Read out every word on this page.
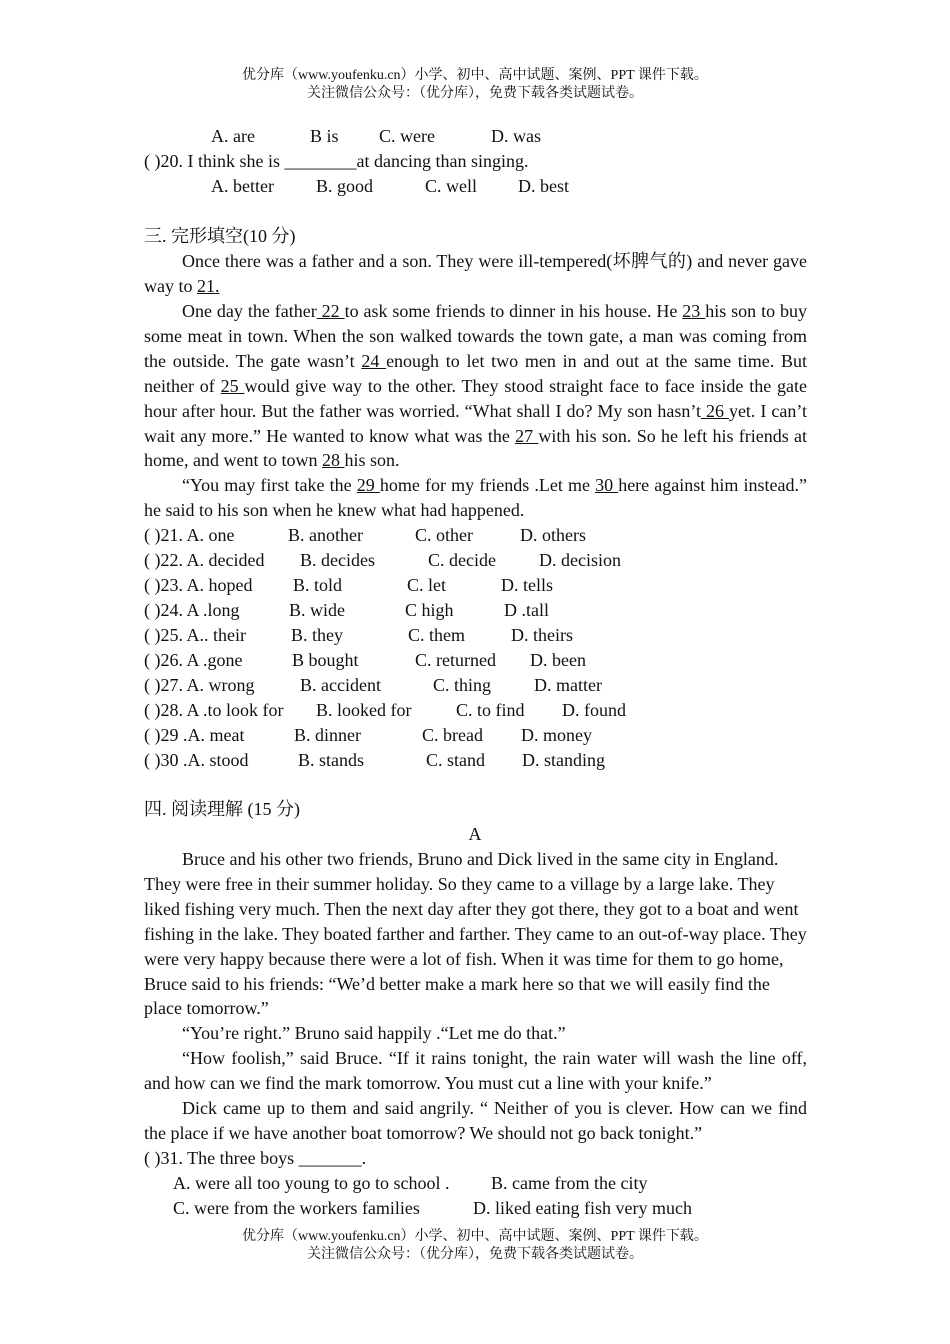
优分库（www.youfenku.cn）小学、初中、高中试题、案例、PPT 课件下载。
关注微信公众号：（优分库），免费下载各类试题试卷。
A. are	B is C. were	D. was
( )20. I think she is ________at dancing than singing.
A. better B. good	C. well D. best
三. 完形填空(10 分)
Once there was a father and a son. They were ill-tempered(坏脾气的) and never gave way to 21.
One day the father 22 to ask some friends to dinner in his house. He 23 his son to buy some meat in town. When the son walked towards the town gate, a man was coming from the outside. The gate wasn’t 24 enough to let two men in and out at the same time. But neither of 25 would give way to the other. They stood straight face to face inside the gate hour after hour. But the father was worried. “What shall I do? My son hasn’t 26 yet. I can’t wait any more.” He wanted to know what was the 27 with his son. So he left his friends at home, and went to town 28 his son.
“You may first take the 29 home for my friends .Let me 30 here against him instead.” he said to his son when he knew what had happened.
( )21. A. one	B. another	C. other	D. others
( )22. A. decided B. decides	C. decide D. decision
( )23. A. hoped B. told	C. let	D. tells
( )24. A .long	B. wide	C high	D .tall
( )25. A.. their	B. they	C. them	D. theirs
( )26. A .gone	B bought	C. returned D. been
( )27. A. wrong	B. accident	C. thing D. matter
( )28. A .to look for B. looked for C. to find D. found
( )29 .A. meat	B. dinner	C. bread D. money
( )30 .A. stood	B. stands	C. stand D. standing
四. 阅读理解 (15 分)
A
Bruce and his other two friends, Bruno and Dick lived in the same city in England. They were free in their summer holiday. So they came to a village by a large lake. They liked fishing very much. Then the next day after they got there, they got to a boat and went fishing in the lake. They boated farther and farther. They came to an out-of-way place. They were very happy because there were a lot of fish. When it was time for them to go home, Bruce said to his friends: “We’d better make a mark here so that we will easily find the place tomorrow.”
“You’re right.” Bruno said happily .“Let me do that.”
“How foolish,” said Bruce. “If it rains tonight, the rain water will wash the line off, and how can we find the mark tomorrow. You must cut a line with your knife.”
Dick came up to them and said angrily. “ Neither of you is clever. How can we find the place if we have another boat tomorrow? We should not go back tonight.”
( )31. The three boys _______.
A. were all too young to go to school . B. came from the city
C. were from the workers families	D. liked eating fish very much
优分库（www.youfenku.cn）小学、初中、高中试题、案例、PPT 课件下载。
关注微信公众号：（优分库），免费下载各类试题试卷。
